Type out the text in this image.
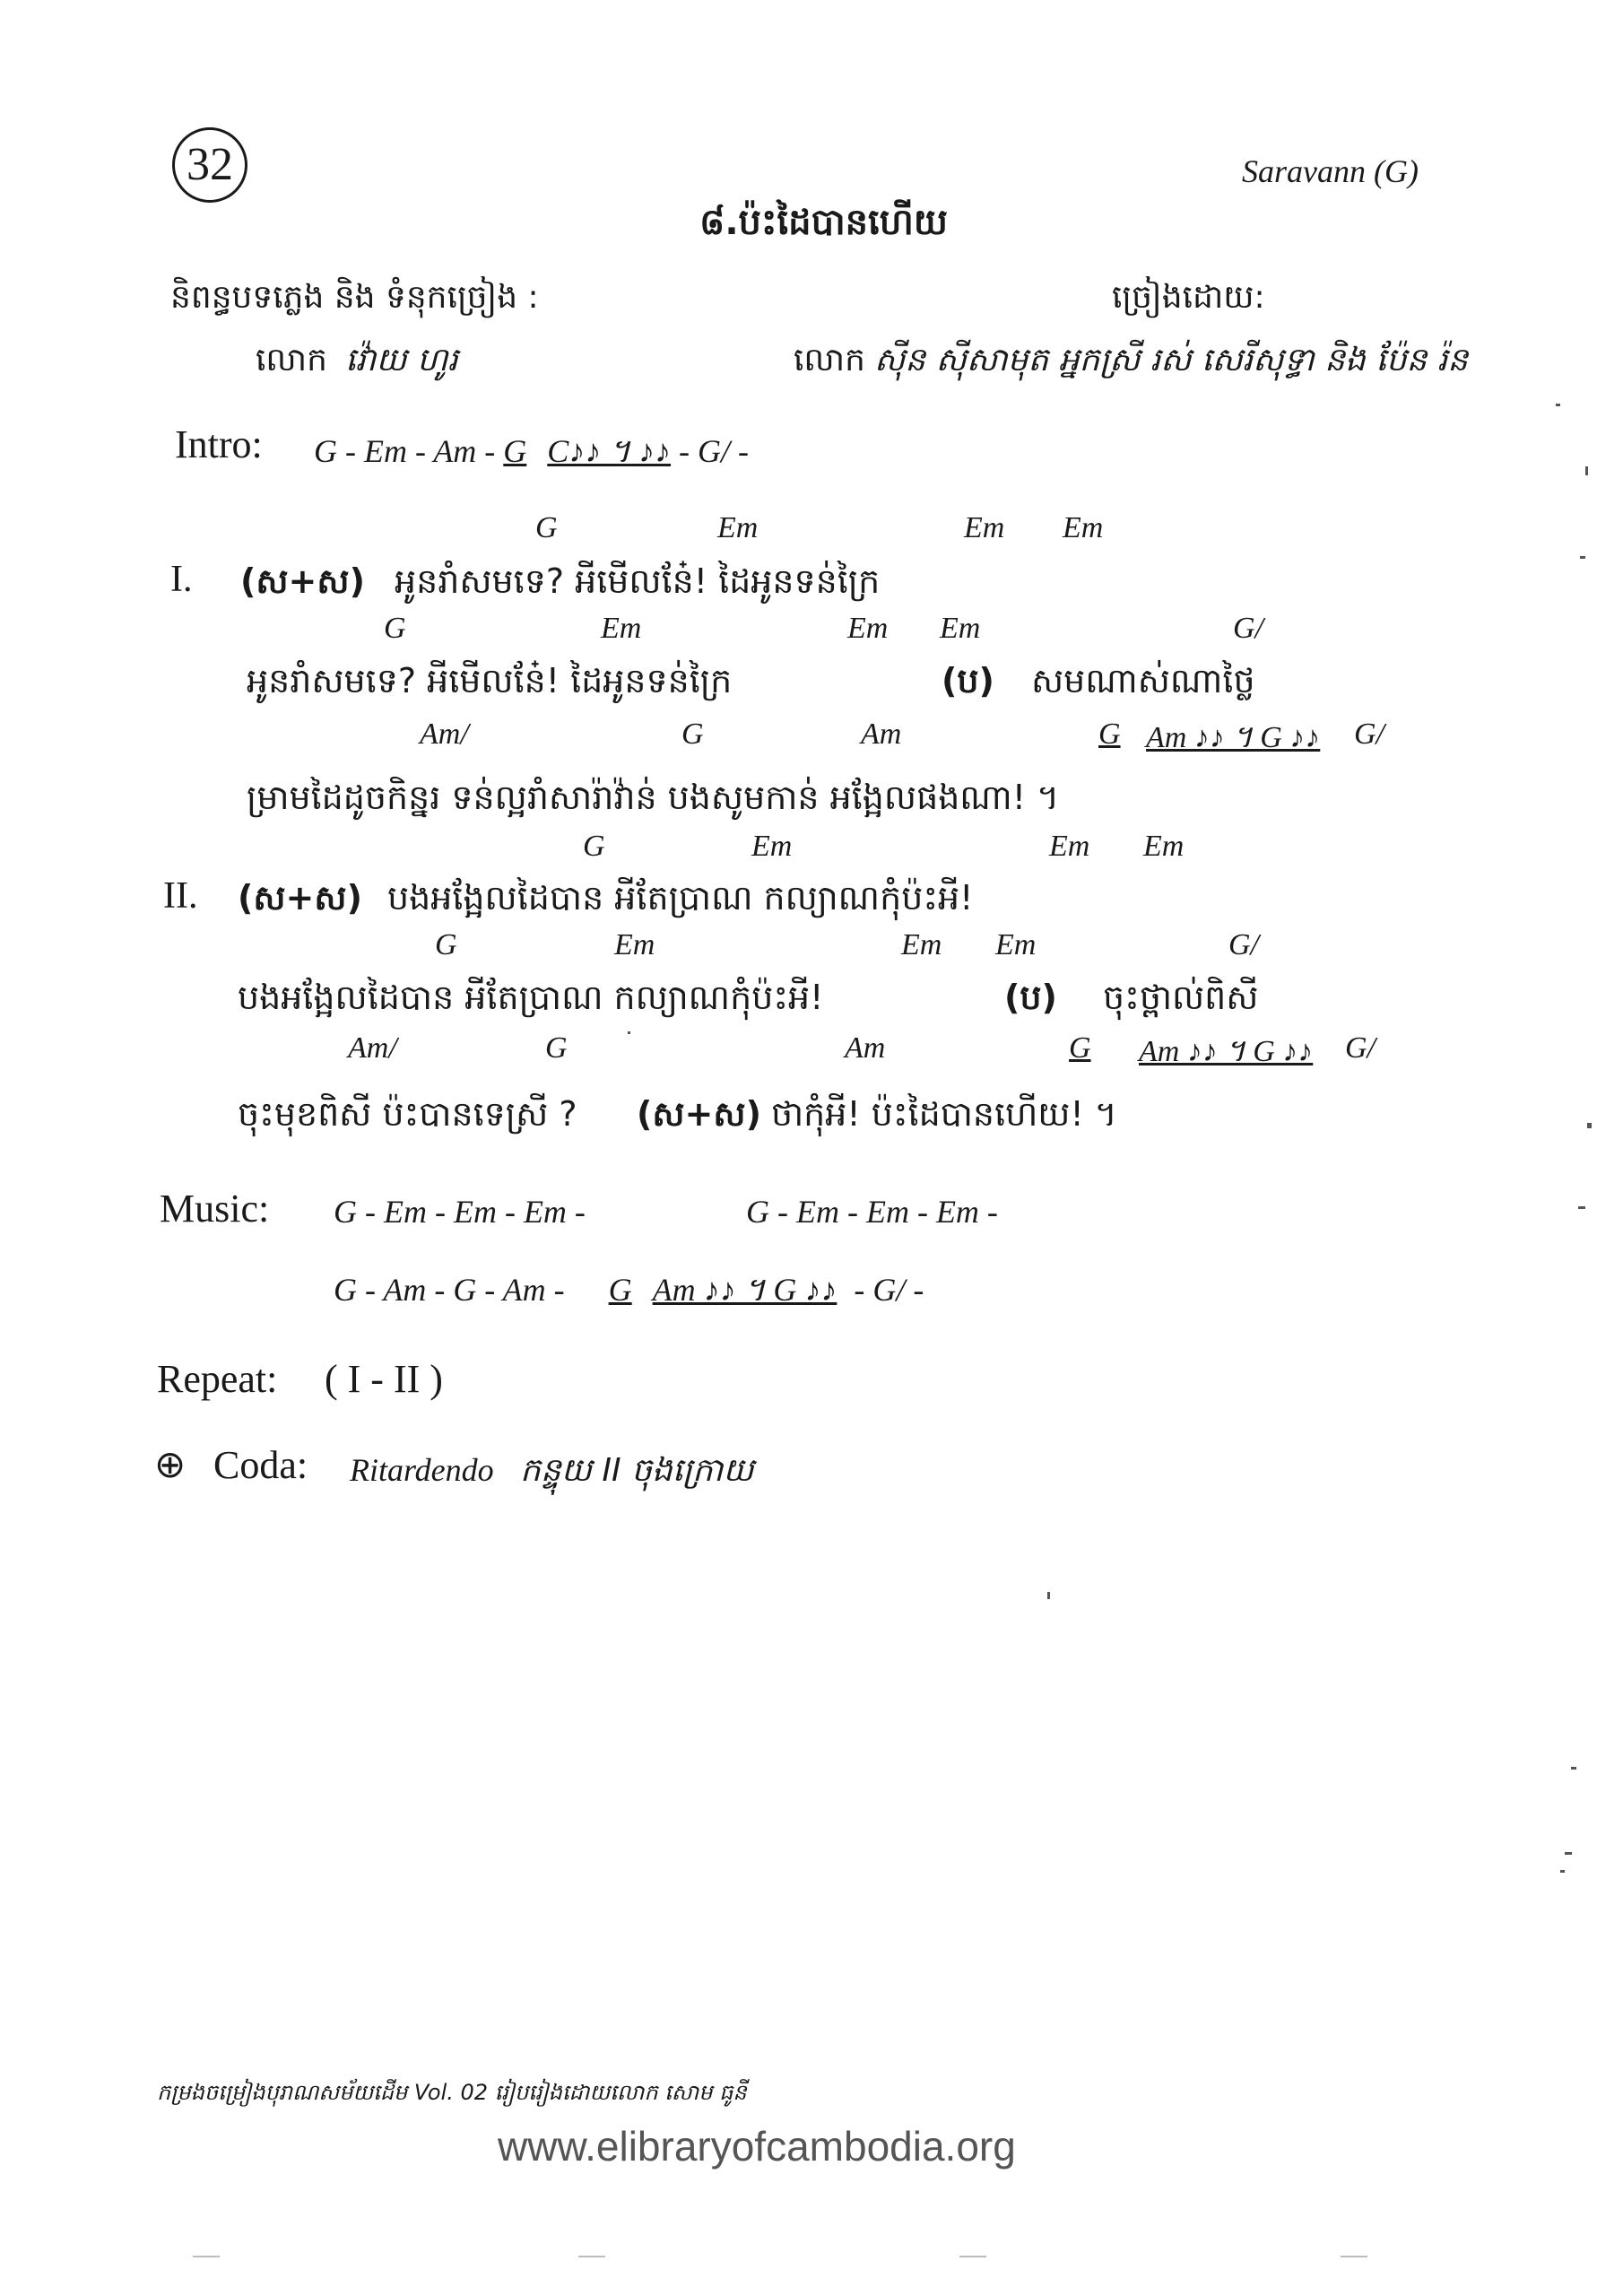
32	Saravann (G)
៨.ប៉ះដៃបានហើយ
និពន្ធបទភ្លេង និង ទំនុកច្រៀង :	ច្រៀងដោយ:
លោក វ៉ោយ ហូរ	លោក ស៊ីន ស៊ីសាមុត អ្នកស្រី រស់ សេរីសុទ្ធា និង ប៉ែន រ៉ន
Intro: G - Em - Am - G C♪♪ ។ ♪♪ - G/ -
G	Em	Em Em
I. (ស+ស) អូនរាំសមទេ? អីមើលនែ៎! ដៃអូនទន់ក្រៃ
G	Em	Em Em	G/
អូនរាំសមទេ? អីមើលនែ៎! ដៃអូនទន់ក្រៃ	(ប) សមណាស់ណាថ្លៃ
Am/	G	Am	G Am ♪♪ ។ G ♪♪ G/
ម្រាមដៃដូចកិន្នរ ទន់ល្អរាំសារ៉ាវ៉ាន់ បងសូមកាន់ អង្អែលផងណា! ។
G	Em	Em Em
II. (ស+ស) បងអង្អែលដៃបាន អីតែប្រាណ កល្យាណកុំប៉ះអី!
G	Em	Em Em	G/
បងអង្អែលដៃបាន អីតែប្រាណ កល្យាណកុំប៉ះអី!	(ប) ចុះថ្ពាល់ពិសី
Am/	G	Am	G Am ♪♪ ។ G ♪♪ G/
ចុះមុខពិសី ប៉ះបានទេស្រី ? (ស+ស) ថាកុំអី! ប៉ះដៃបានហើយ! ។
Music: G - Em - Em - Em -	G - Em - Em - Em -
G - Am - G - Am - G Am ♪♪ ។ G ♪♪ - G/ -
Repeat: ( I - II )
⊕ Coda: Ritardendo កន្ទុយ II ចុងក្រោយ
កម្រងចម្រៀងបុរាណសម័យដើម Vol. 02 រៀបរៀងដោយលោក សោម ធូនី
www.elibraryofcambodia.org
